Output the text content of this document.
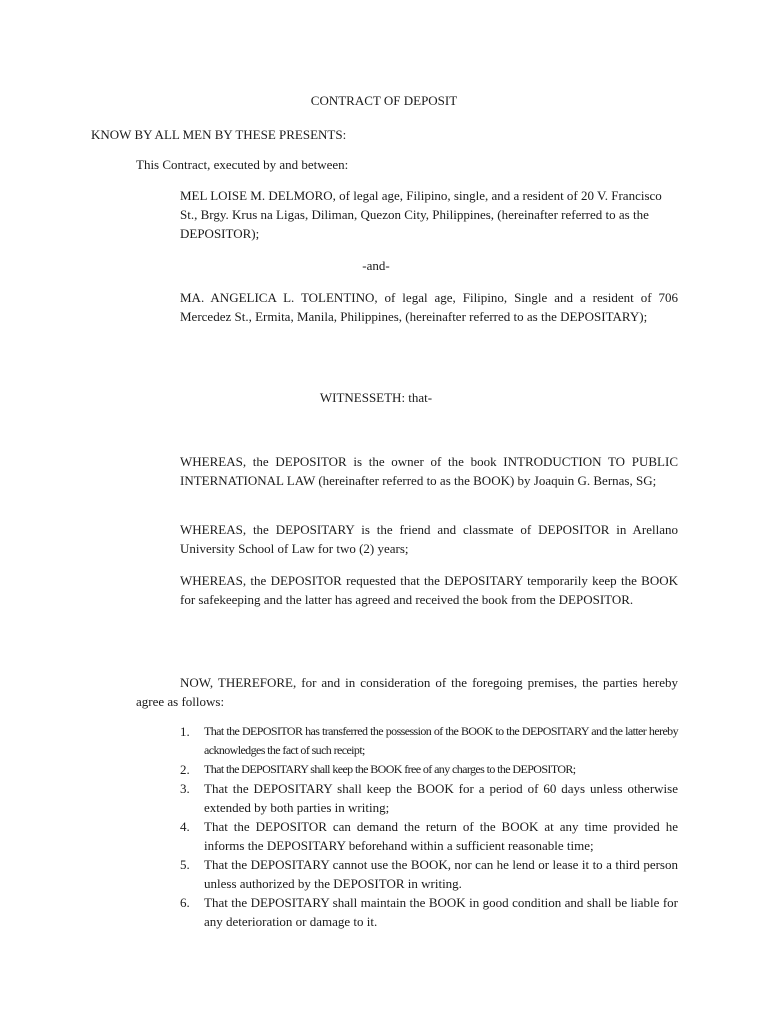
CONTRACT OF DEPOSIT

KNOW BY ALL MEN BY THESE PRESENTS:

This Contract, executed by and between:

MEL LOISE M. DELMORO, of legal age, Filipino, single, and a resident of 20 V. Francisco St., Brgy. Krus na Ligas, Diliman, Quezon City, Philippines, (hereinafter referred to as the DEPOSITOR);

-and-

MA. ANGELICA L. TOLENTINO, of legal age, Filipino, Single and a resident of 706 Mercedez St., Ermita, Manila, Philippines, (hereinafter referred to as the DEPOSITARY);

WITNESSETH: that-

WHEREAS, the DEPOSITOR is the owner of the book INTRODUCTION TO PUBLIC INTERNATIONAL LAW (hereinafter referred to as the BOOK) by Joaquin G. Bernas, SG;

WHEREAS, the DEPOSITARY is the friend and classmate of DEPOSITOR in Arellano University School of Law for two (2) years;

WHEREAS, the DEPOSITOR requested that the DEPOSITARY temporarily keep the BOOK for safekeeping and the latter has agreed and received the book from the DEPOSITOR.

NOW, THEREFORE, for and in consideration of the foregoing premises, the parties hereby agree as follows:

1. That the DEPOSITOR has transferred the possession of the BOOK to the DEPOSITARY and the latter hereby acknowledges the fact of such receipt;
2. That the DEPOSITARY shall keep the BOOK free of any charges to the DEPOSITOR;
3. That the DEPOSITARY shall keep the BOOK for a period of 60 days unless otherwise extended by both parties in writing;
4. That the DEPOSITOR can demand the return of the BOOK at any time provided he informs the DEPOSITARY beforehand within a sufficient reasonable time;
5. That the DEPOSITARY cannot use the BOOK, nor can he lend or lease it to a third person unless authorized by the DEPOSITOR in writing.
6. That the DEPOSITARY shall maintain the BOOK in good condition and shall be liable for any deterioration or damage to it.
